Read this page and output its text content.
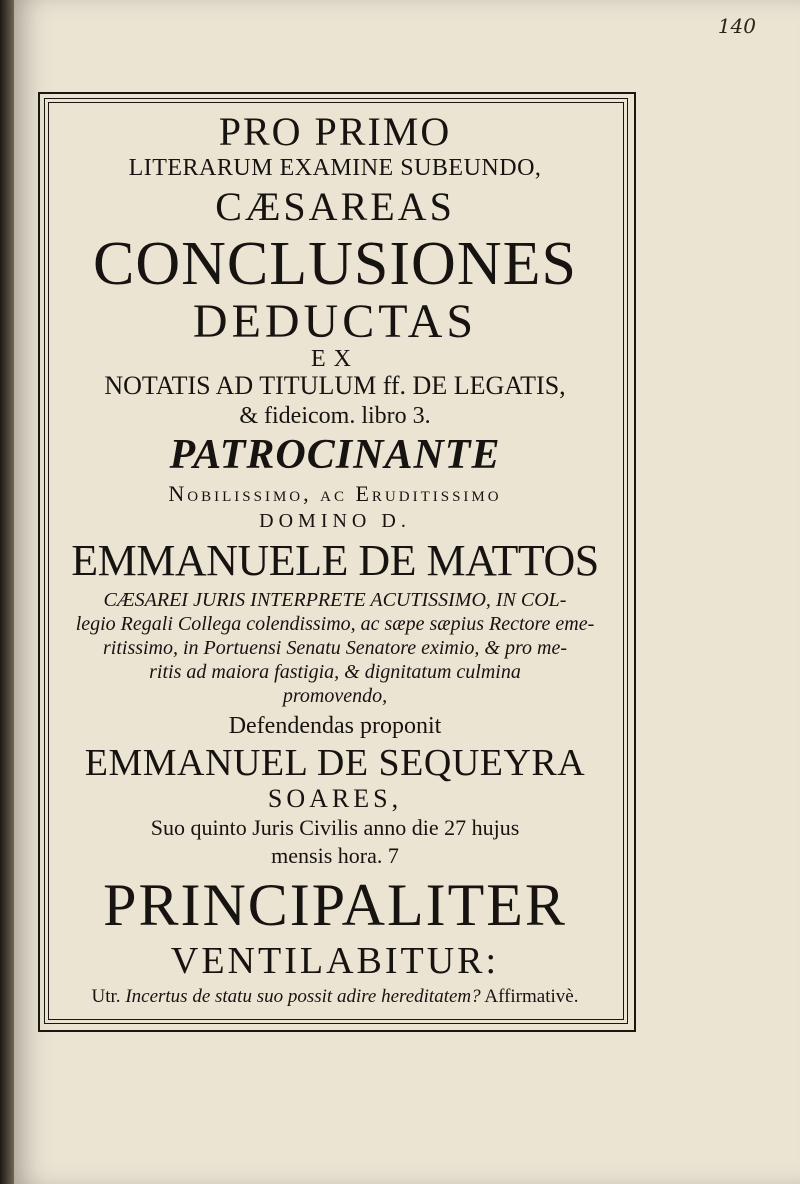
140
PRO PRIMO
LITERARUM EXAMINE SUBEUNDO,
CÆSAREAS
CONCLUSIONES
DEDUCTAS
EX
NOTATIS AD TITULUM ff. DE LEGATIS,
& fideicom. libro 3.
PATROCINANTE
Nobilissimo, ac Eruditissimo
DOMINO D.
EMMANUELE DE MATTOS
CÆSAREI JURIS INTERPRETE ACUTISSIMO, IN COL-
legio Regali Collega colendissimo, ac sæpe sæpius Rectore eme-
ritissimo, in Portuensi Senatu Senatore eximio, & pro me-
ritis ad maiora fastigia, & dignitatum culmina
promovendo,
Defendendas proponit
EMMANUEL DE SEQUEYRA
SOARES,
Suo quinto Juris Civilis anno die 27 hujus
mensis hora. 7
PRINCIPALITER
VENTILABITUR:
Utr. Incertus de statu suo possit adire hereditatem? Affirmativè.
